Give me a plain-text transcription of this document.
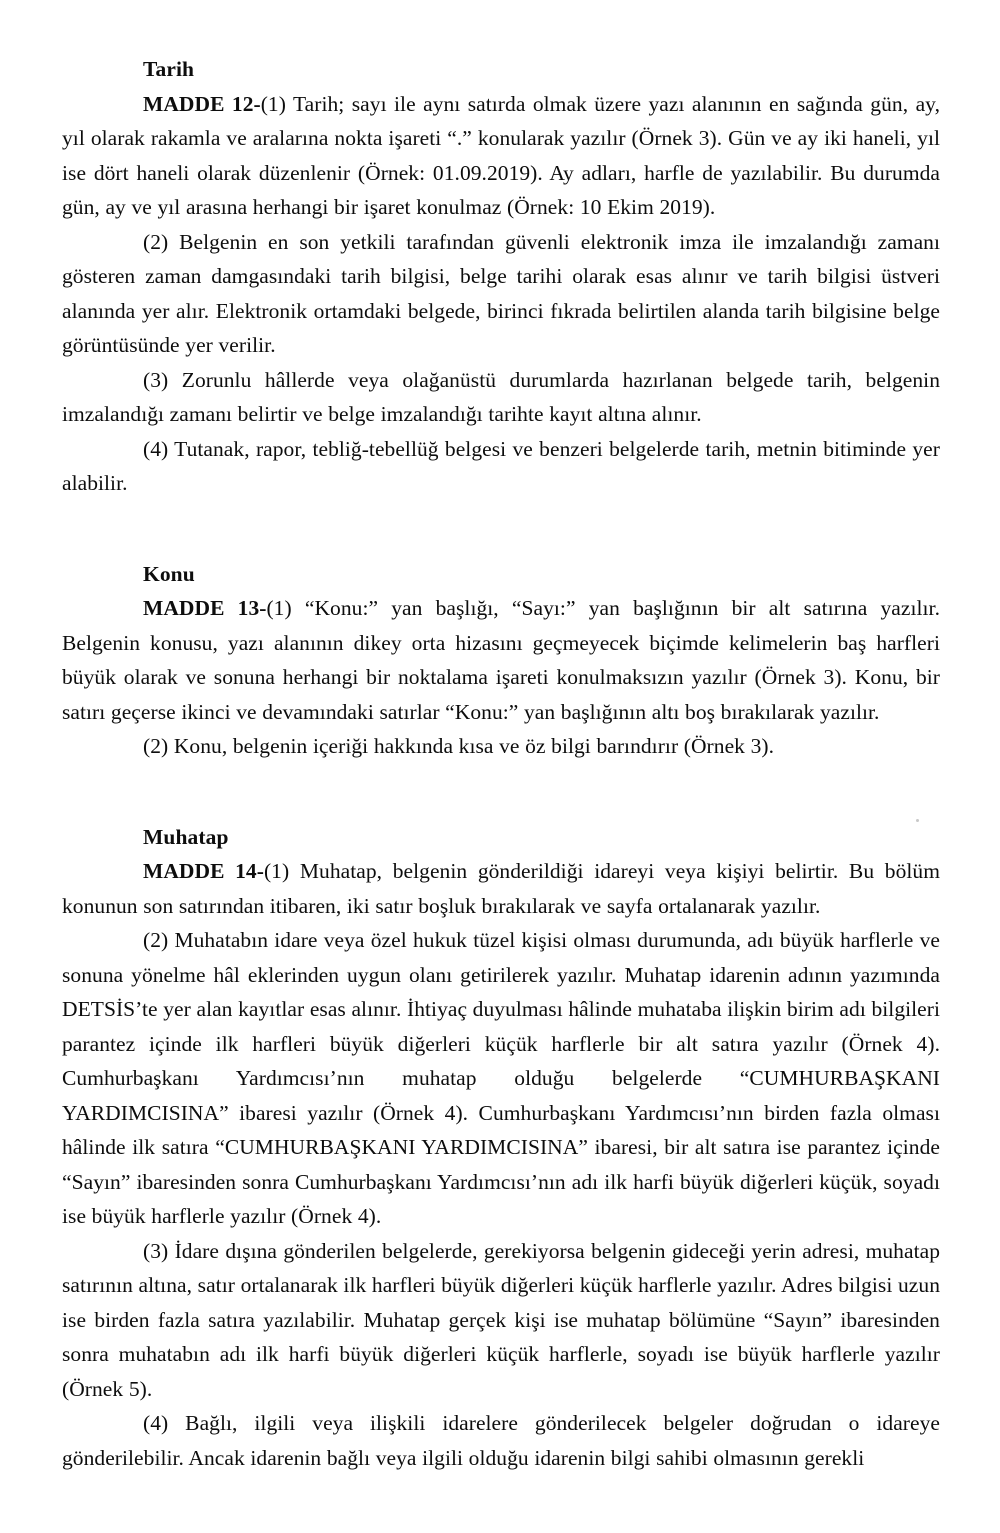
Tarih

MADDE 12-(1) Tarih; sayı ile aynı satırda olmak üzere yazı alanının en sağında gün, ay, yıl olarak rakamla ve aralarına nokta işareti “.” konularak yazılır (Örnek 3). Gün ve ay iki haneli, yıl ise dört haneli olarak düzenlenir (Örnek: 01.09.2019). Ay adları, harfle de yazılabilir. Bu durumda gün, ay ve yıl arasına herhangi bir işaret konulmaz (Örnek: 10 Ekim 2019).

(2) Belgenin en son yetkili tarafından güvenli elektronik imza ile imzalandığı zamanı gösteren zaman damgasındaki tarih bilgisi, belge tarihi olarak esas alınır ve tarih bilgisi üstveri alanında yer alır. Elektronik ortamdaki belgede, birinci fıkrada belirtilen alanda tarih bilgisine belge görüntüsünde yer verilir.

(3) Zorunlu hâllerde veya olağanüstü durumlarda hazırlanan belgede tarih, belgenin imzalandığı zamanı belirtir ve belge imzalandığı tarihte kayıt altına alınır.

(4) Tutanak, rapor, tebliğ-tebellüğ belgesi ve benzeri belgelerde tarih, metnin bitiminde yer alabilir.

Konu

MADDE 13-(1) “Konu:” yan başlığı, “Sayı:” yan başlığının bir alt satırına yazılır. Belgenin konusu, yazı alanının dikey orta hizasını geçmeyecek biçimde kelimelerin baş harfleri büyük olarak ve sonuna herhangi bir noktalama işareti konulmaksızın yazılır (Örnek 3). Konu, bir satırı geçerse ikinci ve devamındaki satırlar “Konu:” yan başlığının altı boş bırakılarak yazılır.

(2) Konu, belgenin içeriği hakkında kısa ve öz bilgi barındırır (Örnek 3).

Muhatap

MADDE 14-(1) Muhatap, belgenin gönderildiği idareyi veya kişiyi belirtir. Bu bölüm konunun son satırından itibaren, iki satır boşluk bırakılarak ve sayfa ortalanarak yazılır.

(2) Muhatabın idare veya özel hukuk tüzel kişisi olması durumunda, adı büyük harflerle ve sonuna yönelme hâl eklerinden uygun olanı getirilerek yazılır. Muhatap idarenin adının yazımında DETSİS’te yer alan kayıtlar esas alınır. İhtiyaç duyulması hâlinde muhataba ilişkin birim adı bilgileri parantez içinde ilk harfleri büyük diğerleri küçük harflerle bir alt satıra yazılır (Örnek 4). Cumhurbaşkanı Yardımcısı’nın muhatap olduğu belgelerde “CUMHURBAŞKANI YARDIMCISINA” ibaresi yazılır (Örnek 4). Cumhurbaşkanı Yardımcısı’nın birden fazla olması hâlinde ilk satıra “CUMHURBAŞKANI YARDIMCISINA” ibaresi, bir alt satıra ise parantez içinde “Sayın” ibaresinden sonra Cumhurbaşkanı Yardımcısı’nın adı ilk harfi büyük diğerleri küçük, soyadı ise büyük harflerle yazılır (Örnek 4).

(3) İdare dışına gönderilen belgelerde, gerekiyorsa belgenin gideceği yerin adresi, muhatap satırının altına, satır ortalanarak ilk harfleri büyük diğerleri küçük harflerle yazılır. Adres bilgisi uzun ise birden fazla satıra yazılabilir. Muhatap gerçek kişi ise muhatap bölümüne “Sayın” ibaresinden sonra muhatabın adı ilk harfi büyük diğerleri küçük harflerle, soyadı ise büyük harflerle yazılır (Örnek 5).

(4) Bağlı, ilgili veya ilişkili idarelere gönderilecek belgeler doğrudan o idareye gönderilebilir. Ancak idarenin bağlı veya ilgili olduğu idarenin bilgi sahibi olmasının gerekli
